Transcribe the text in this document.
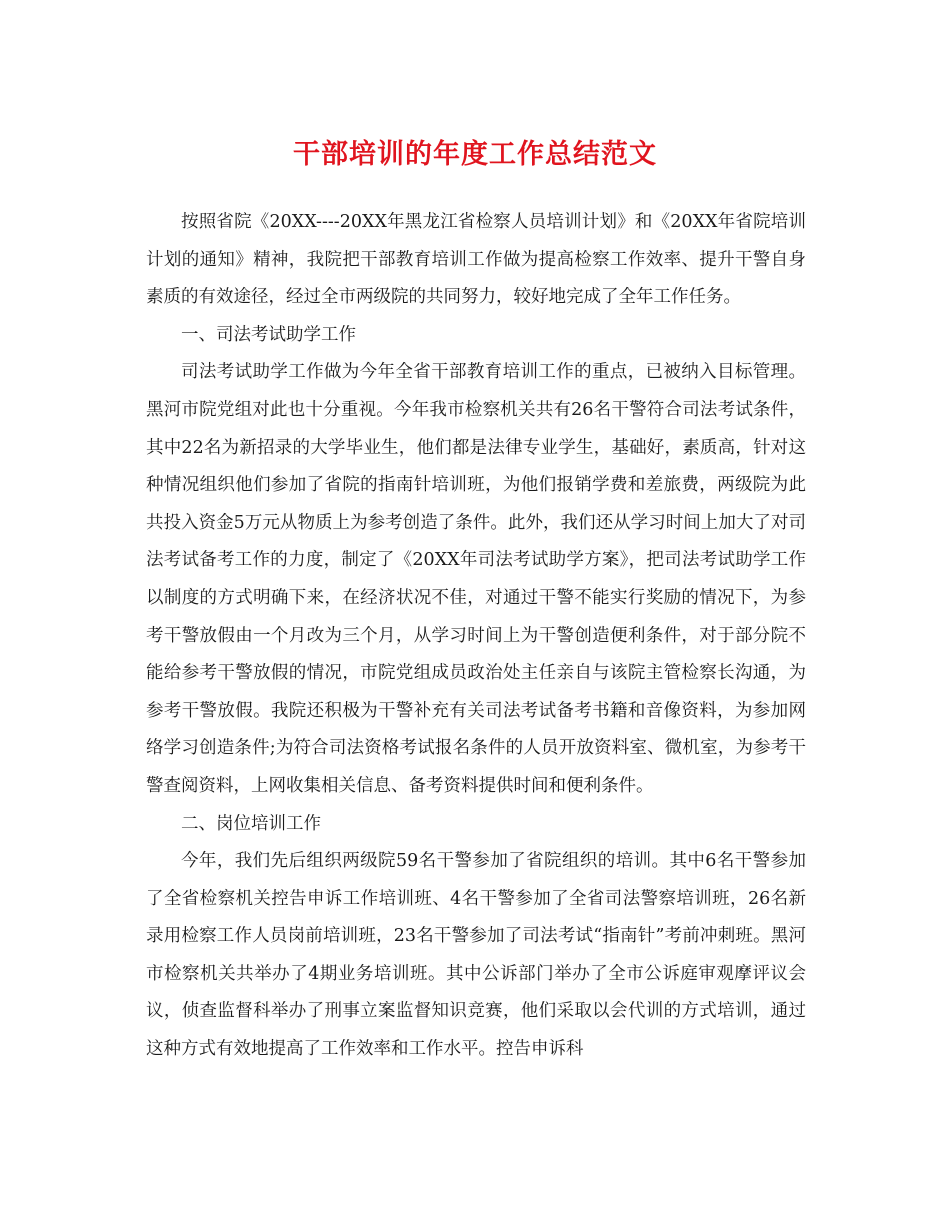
干部培训的年度工作总结范文

按照省院《20XX----20XX年黑龙江省检察人员培训计划》和《20XX年省院培训计划的通知》精神，我院把干部教育培训工作做为提高检察工作效率、提升干警自身素质的有效途径，经过全市两级院的共同努力，较好地完成了全年工作任务。

一、司法考试助学工作

司法考试助学工作做为今年全省干部教育培训工作的重点，已被纳入目标管理。黑河市院党组对此也十分重视。今年我市检察机关共有26名干警符合司法考试条件，其中22名为新招录的大学毕业生，他们都是法律专业学生，基础好，素质高，针对这种情况组织他们参加了省院的指南针培训班，为他们报销学费和差旅费，两级院为此共投入资金5万元从物质上为参考创造了条件。此外，我们还从学习时间上加大了对司法考试备考工作的力度，制定了《20XX年司法考试助学方案》，把司法考试助学工作以制度的方式明确下来，在经济状况不佳，对通过干警不能实行奖励的情况下，为参考干警放假由一个月改为三个月，从学习时间上为干警创造便利条件，对于部分院不能给参考干警放假的情况，市院党组成员政治处主任亲自与该院主管检察长沟通，为参考干警放假。我院还积极为干警补充有关司法考试备考书籍和音像资料，为参加网络学习创造条件;为符合司法资格考试报名条件的人员开放资料室、微机室，为参考干警查阅资料，上网收集相关信息、备考资料提供时间和便利条件。

二、岗位培训工作

今年，我们先后组织两级院59名干警参加了省院组织的培训。其中6名干警参加了全省检察机关控告申诉工作培训班、4名干警参加了全省司法警察培训班，26名新录用检察工作人员岗前培训班，23名干警参加了司法考试“指南针”考前冲刺班。黑河市检察机关共举办了4期业务培训班。其中公诉部门举办了全市公诉庭审观摩评议会议，侦查监督科举办了刑事立案监督知识竞赛，他们采取以会代训的方式培训，通过这种方式有效地提高了工作效率和工作水平。控告申诉科
